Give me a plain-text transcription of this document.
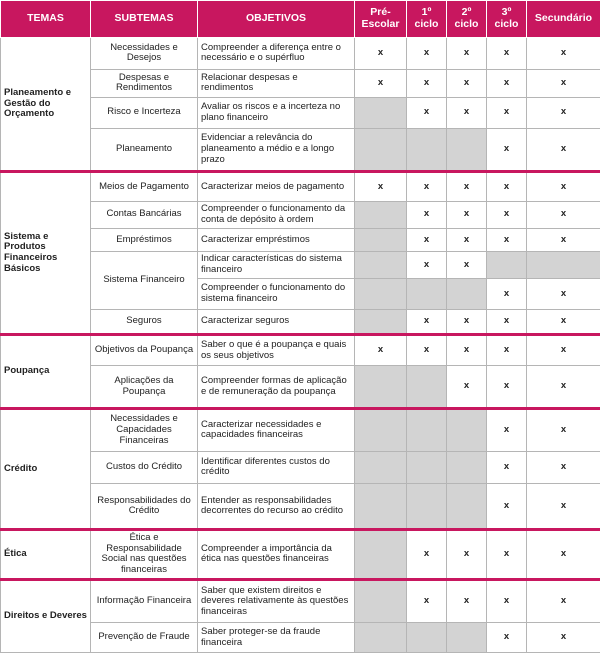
TEMAS	SUBTEMAS	OBJETIVOS	Pré-Escolar	1º ciclo	2º ciclo	3º ciclo	Secundário
Planeamento e Gestão do Orçamento	Necessidades e Desejos	Compreender a diferença entre o necessário e o supérfluo	x	x	x	x	x
	Despesas e Rendimentos	Relacionar despesas e rendimentos	x	x	x	x	x
	Risco e Incerteza	Avaliar os riscos e a incerteza no plano financeiro		x	x	x	x
	Planeamento	Evidenciar a relevância do planeamento a médio e a longo prazo				x	x
Sistema e Produtos Financeiros Básicos	Meios de Pagamento	Caracterizar meios de pagamento	x	x	x	x	x
	Contas Bancárias	Compreender o funcionamento da conta de depósito à ordem		x	x	x	x
	Empréstimos	Caracterizar empréstimos		x	x	x	x
	Sistema Financeiro	Indicar características do sistema financeiro		x	x		
		Compreender o funcionamento do sistema financeiro				x	x
	Seguros	Caracterizar seguros		x	x	x	x
Poupança	Objetivos da Poupança	Saber o que é a poupança e quais os seus objetivos	x	x	x	x	x
	Aplicações da Poupança	Compreender formas de aplicação e de remuneração da poupança			x	x	x
Crédito	Necessidades e Capacidades Financeiras	Caracterizar necessidades e capacidades financeiras				x	x
	Custos do Crédito	Identificar diferentes custos do crédito				x	x
	Responsabilidades do Crédito	Entender as responsabilidades decorrentes do recurso ao crédito				x	x
Ética	Ética e Responsabilidade Social nas questões financeiras	Compreender a importância da ética nas questões financeiras		x	x	x	x
Direitos e Deveres	Informação Financeira	Saber que existem direitos e deveres relativamente às questões financeiras		x	x	x	x
	Prevenção de Fraude	Saber proteger-se da fraude financeira				x	x
